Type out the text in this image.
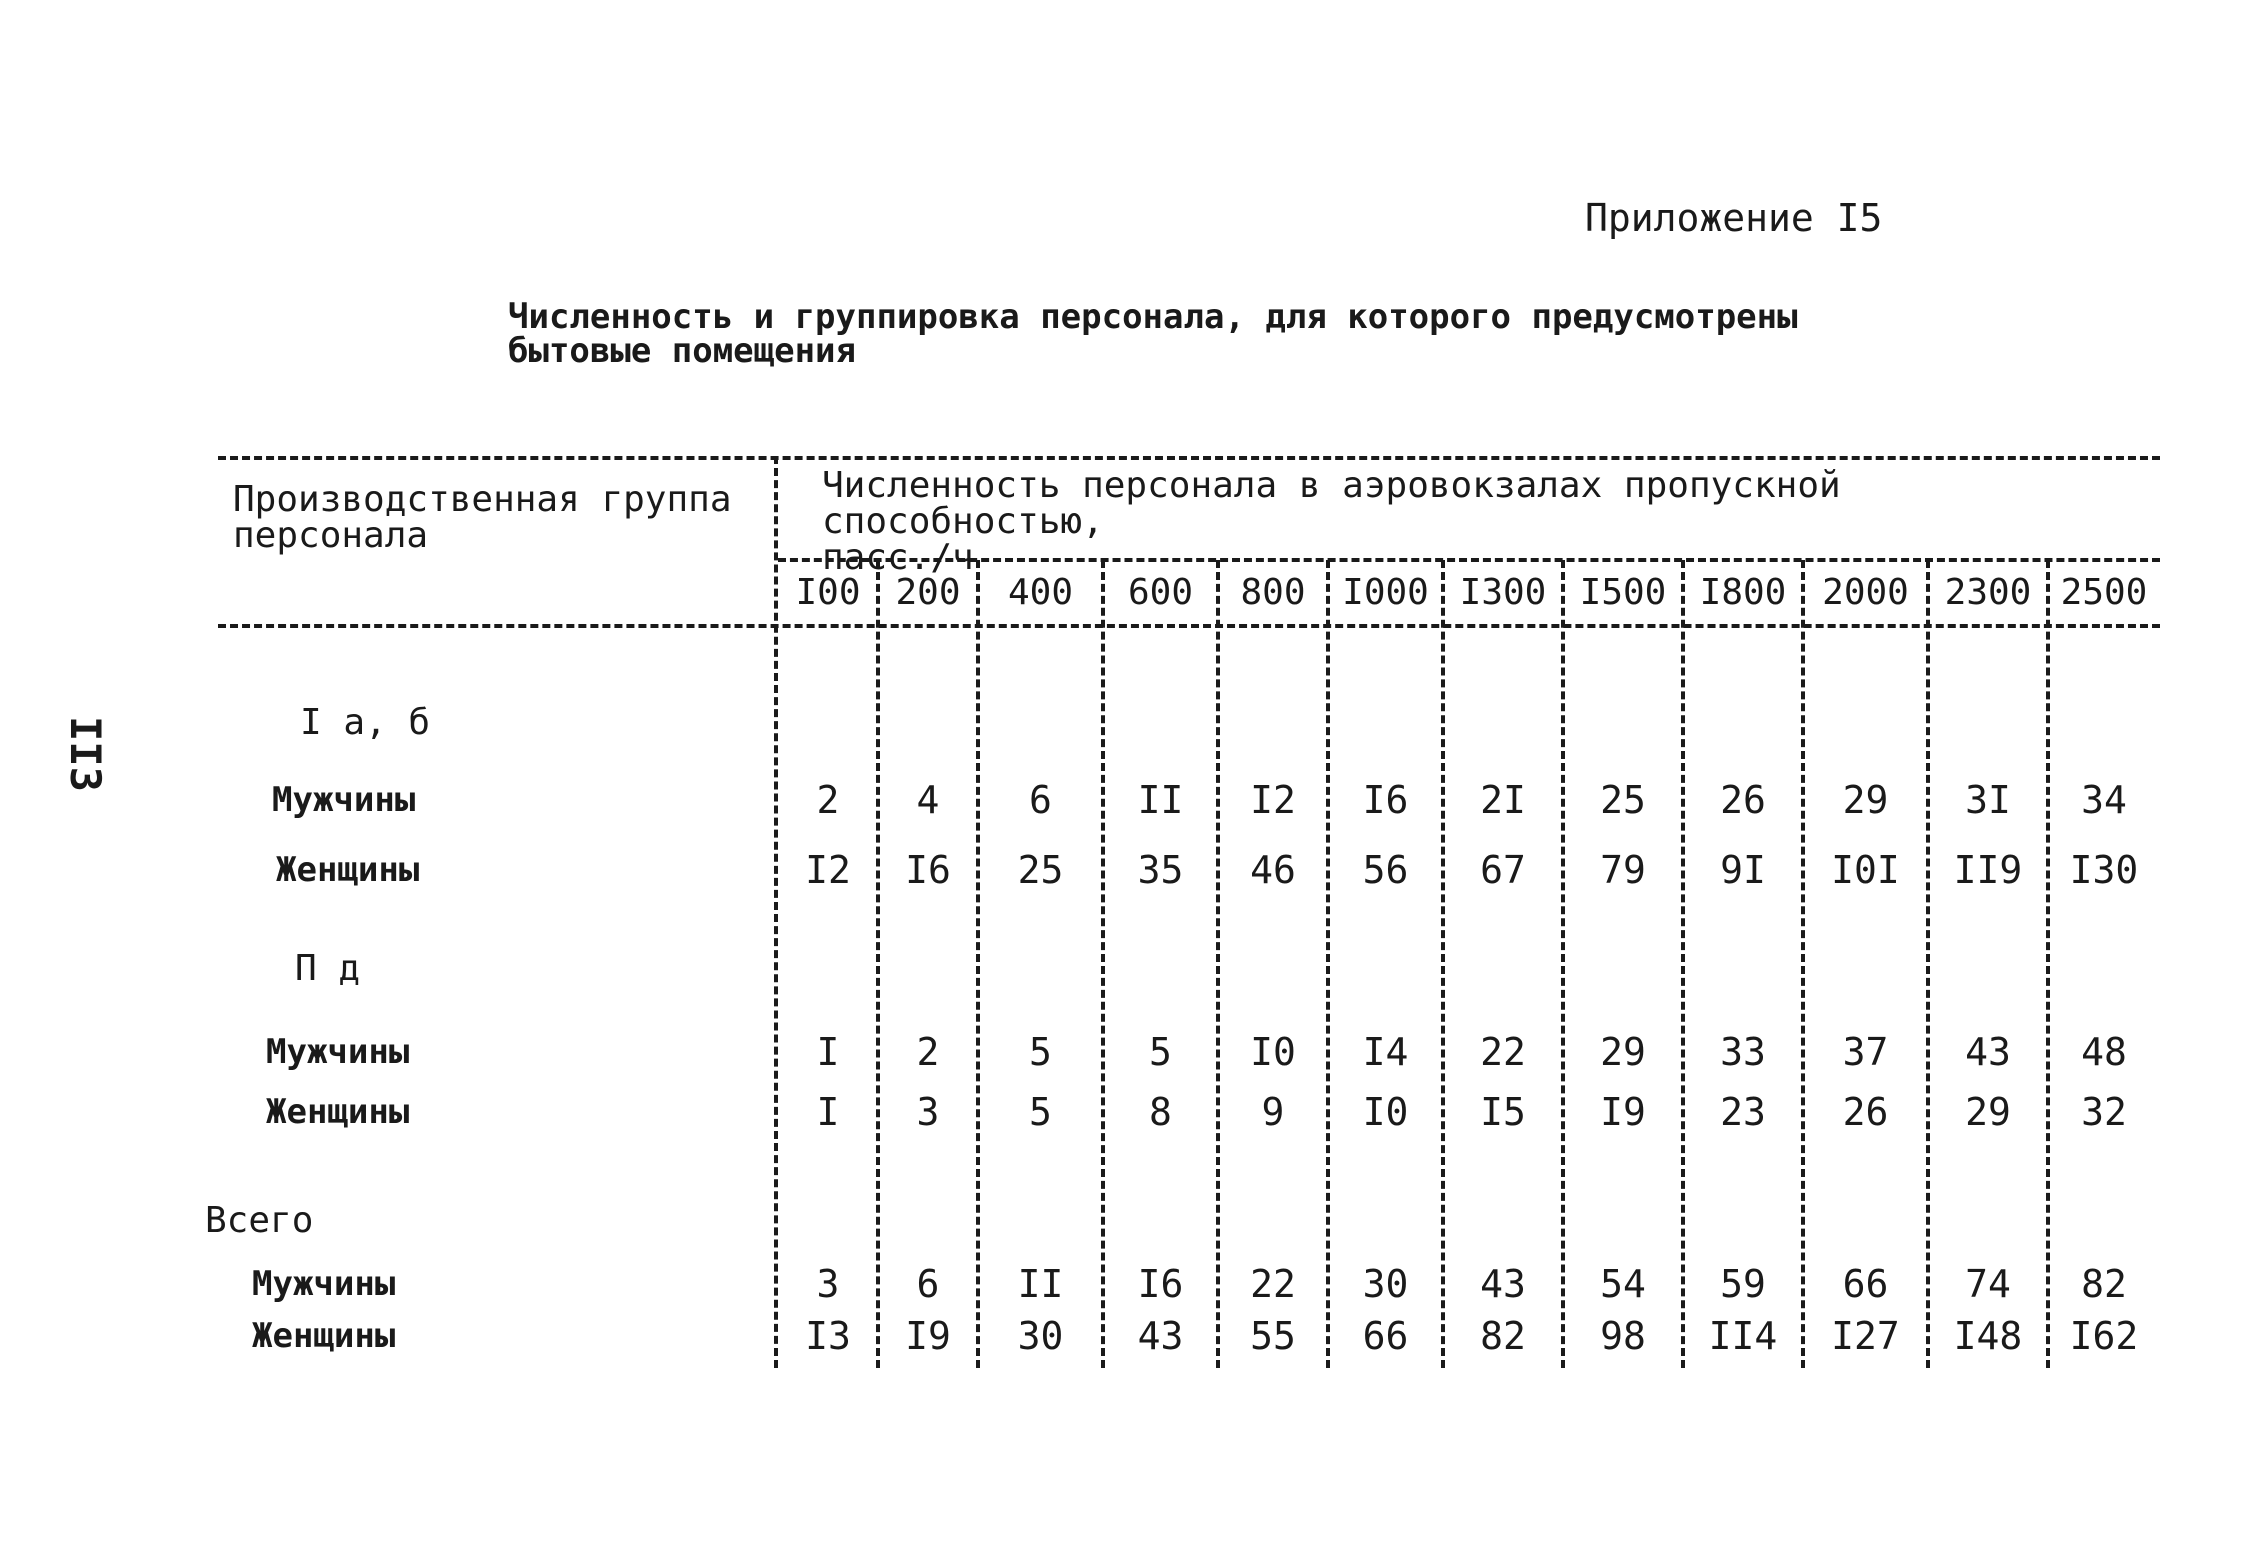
Приложение I5
Численность и группировка персонала, для которого предусмотрены
бытовые помещения
II3
Производственная группа
персонала
Численность персонала в аэровокзалах пропускной способностью,
пасс./ч
I00 200	400	600	800	I000 I300 I500 I800 2000 2300 2500
I а, б
Мужчины	2	4	6	II	I2	I6	2I	25	26	29	3I	34
Женщины	I2	I6	25	35	46	56	67	79	9I	I0I	II9	I30
П д
Мужчины	I	2	5	5	I0	I4	22	29	33	37	43	48
Женщины	I	3	5	8	9	I0	I5	I9	23	26	29	32
Всего
Мужчины	3	6	II	I6	22	30	43	54	59	66	74	82
Женщины	I3	I9	30	43	55	66	82	98	II4	I27	I48	I62
